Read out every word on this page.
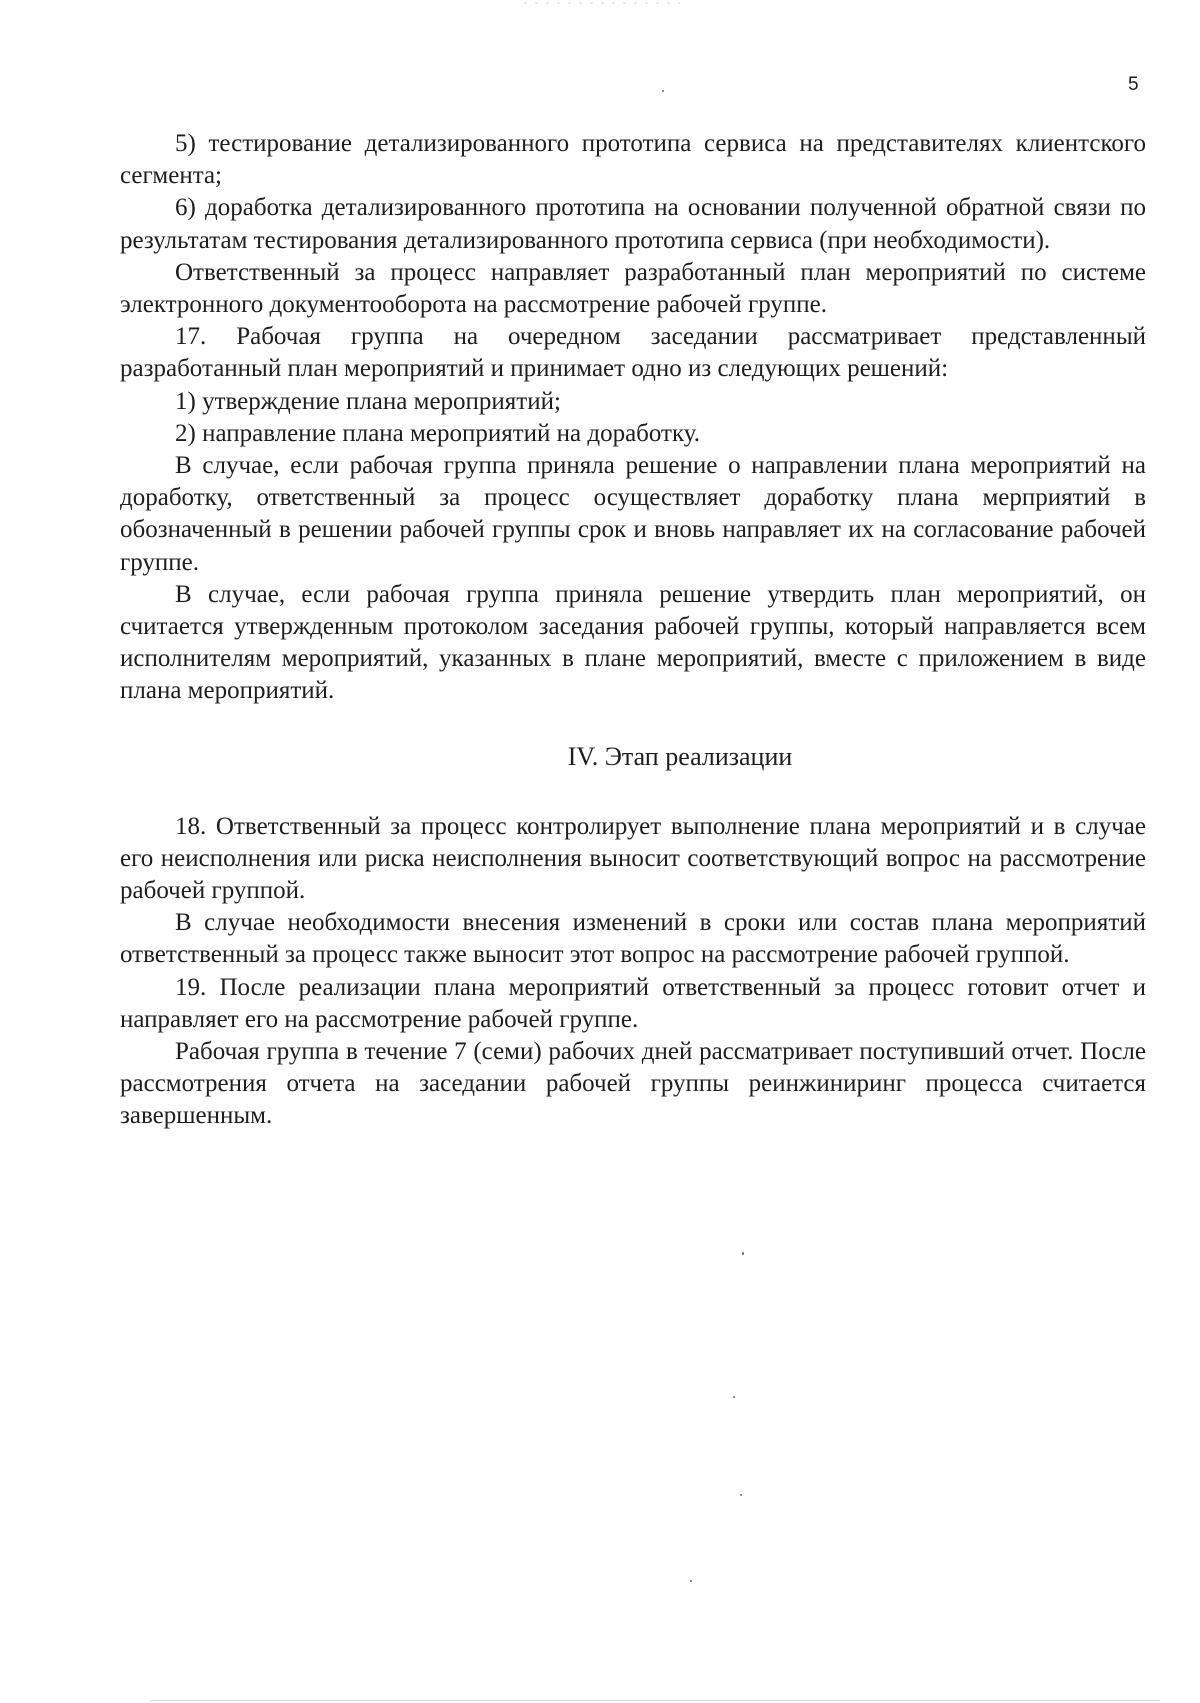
5

5) тестирование детализированного прототипа сервиса на представителях клиентского сегмента;

6) доработка детализированного прототипа на основании полученной обратной связи по результатам тестирования детализированного прототипа сервиса (при необходимости).

Ответственный за процесс направляет разработанный план мероприятий по системе электронного документооборота на рассмотрение рабочей группе.

17. Рабочая группа на очередном заседании рассматривает представленный разработанный план мероприятий и принимает одно из следующих решений:

1) утверждение плана мероприятий;

2) направление плана мероприятий на доработку.

В случае, если рабочая группа приняла решение о направлении плана мероприятий на доработку, ответственный за процесс осуществляет доработку плана мерприятий в обозначенный в решении рабочей группы срок и вновь направляет их на согласование рабочей группе.

В случае, если рабочая группа приняла решение утвердить план мероприятий, он считается утвержденным протоколом заседания рабочей группы, который направляется всем исполнителям мероприятий, указанных в плане мероприятий, вместе с приложением в виде плана мероприятий.

IV. Этап реализации

18. Ответственный за процесс контролирует выполнение плана мероприятий и в случае его неисполнения или риска неисполнения выносит соответствующий вопрос на рассмотрение рабочей группой.

В случае необходимости внесения изменений в сроки или состав плана мероприятий ответственный за процесс также выносит этот вопрос на рассмотрение рабочей группой.

19. После реализации плана мероприятий ответственный за процесс готовит отчет и направляет его на рассмотрение рабочей группе.

Рабочая группа в течение 7 (семи) рабочих дней рассматривает поступивший отчет. После рассмотрения отчета на заседании рабочей группы реинжиниринг процесса считается завершенным.
